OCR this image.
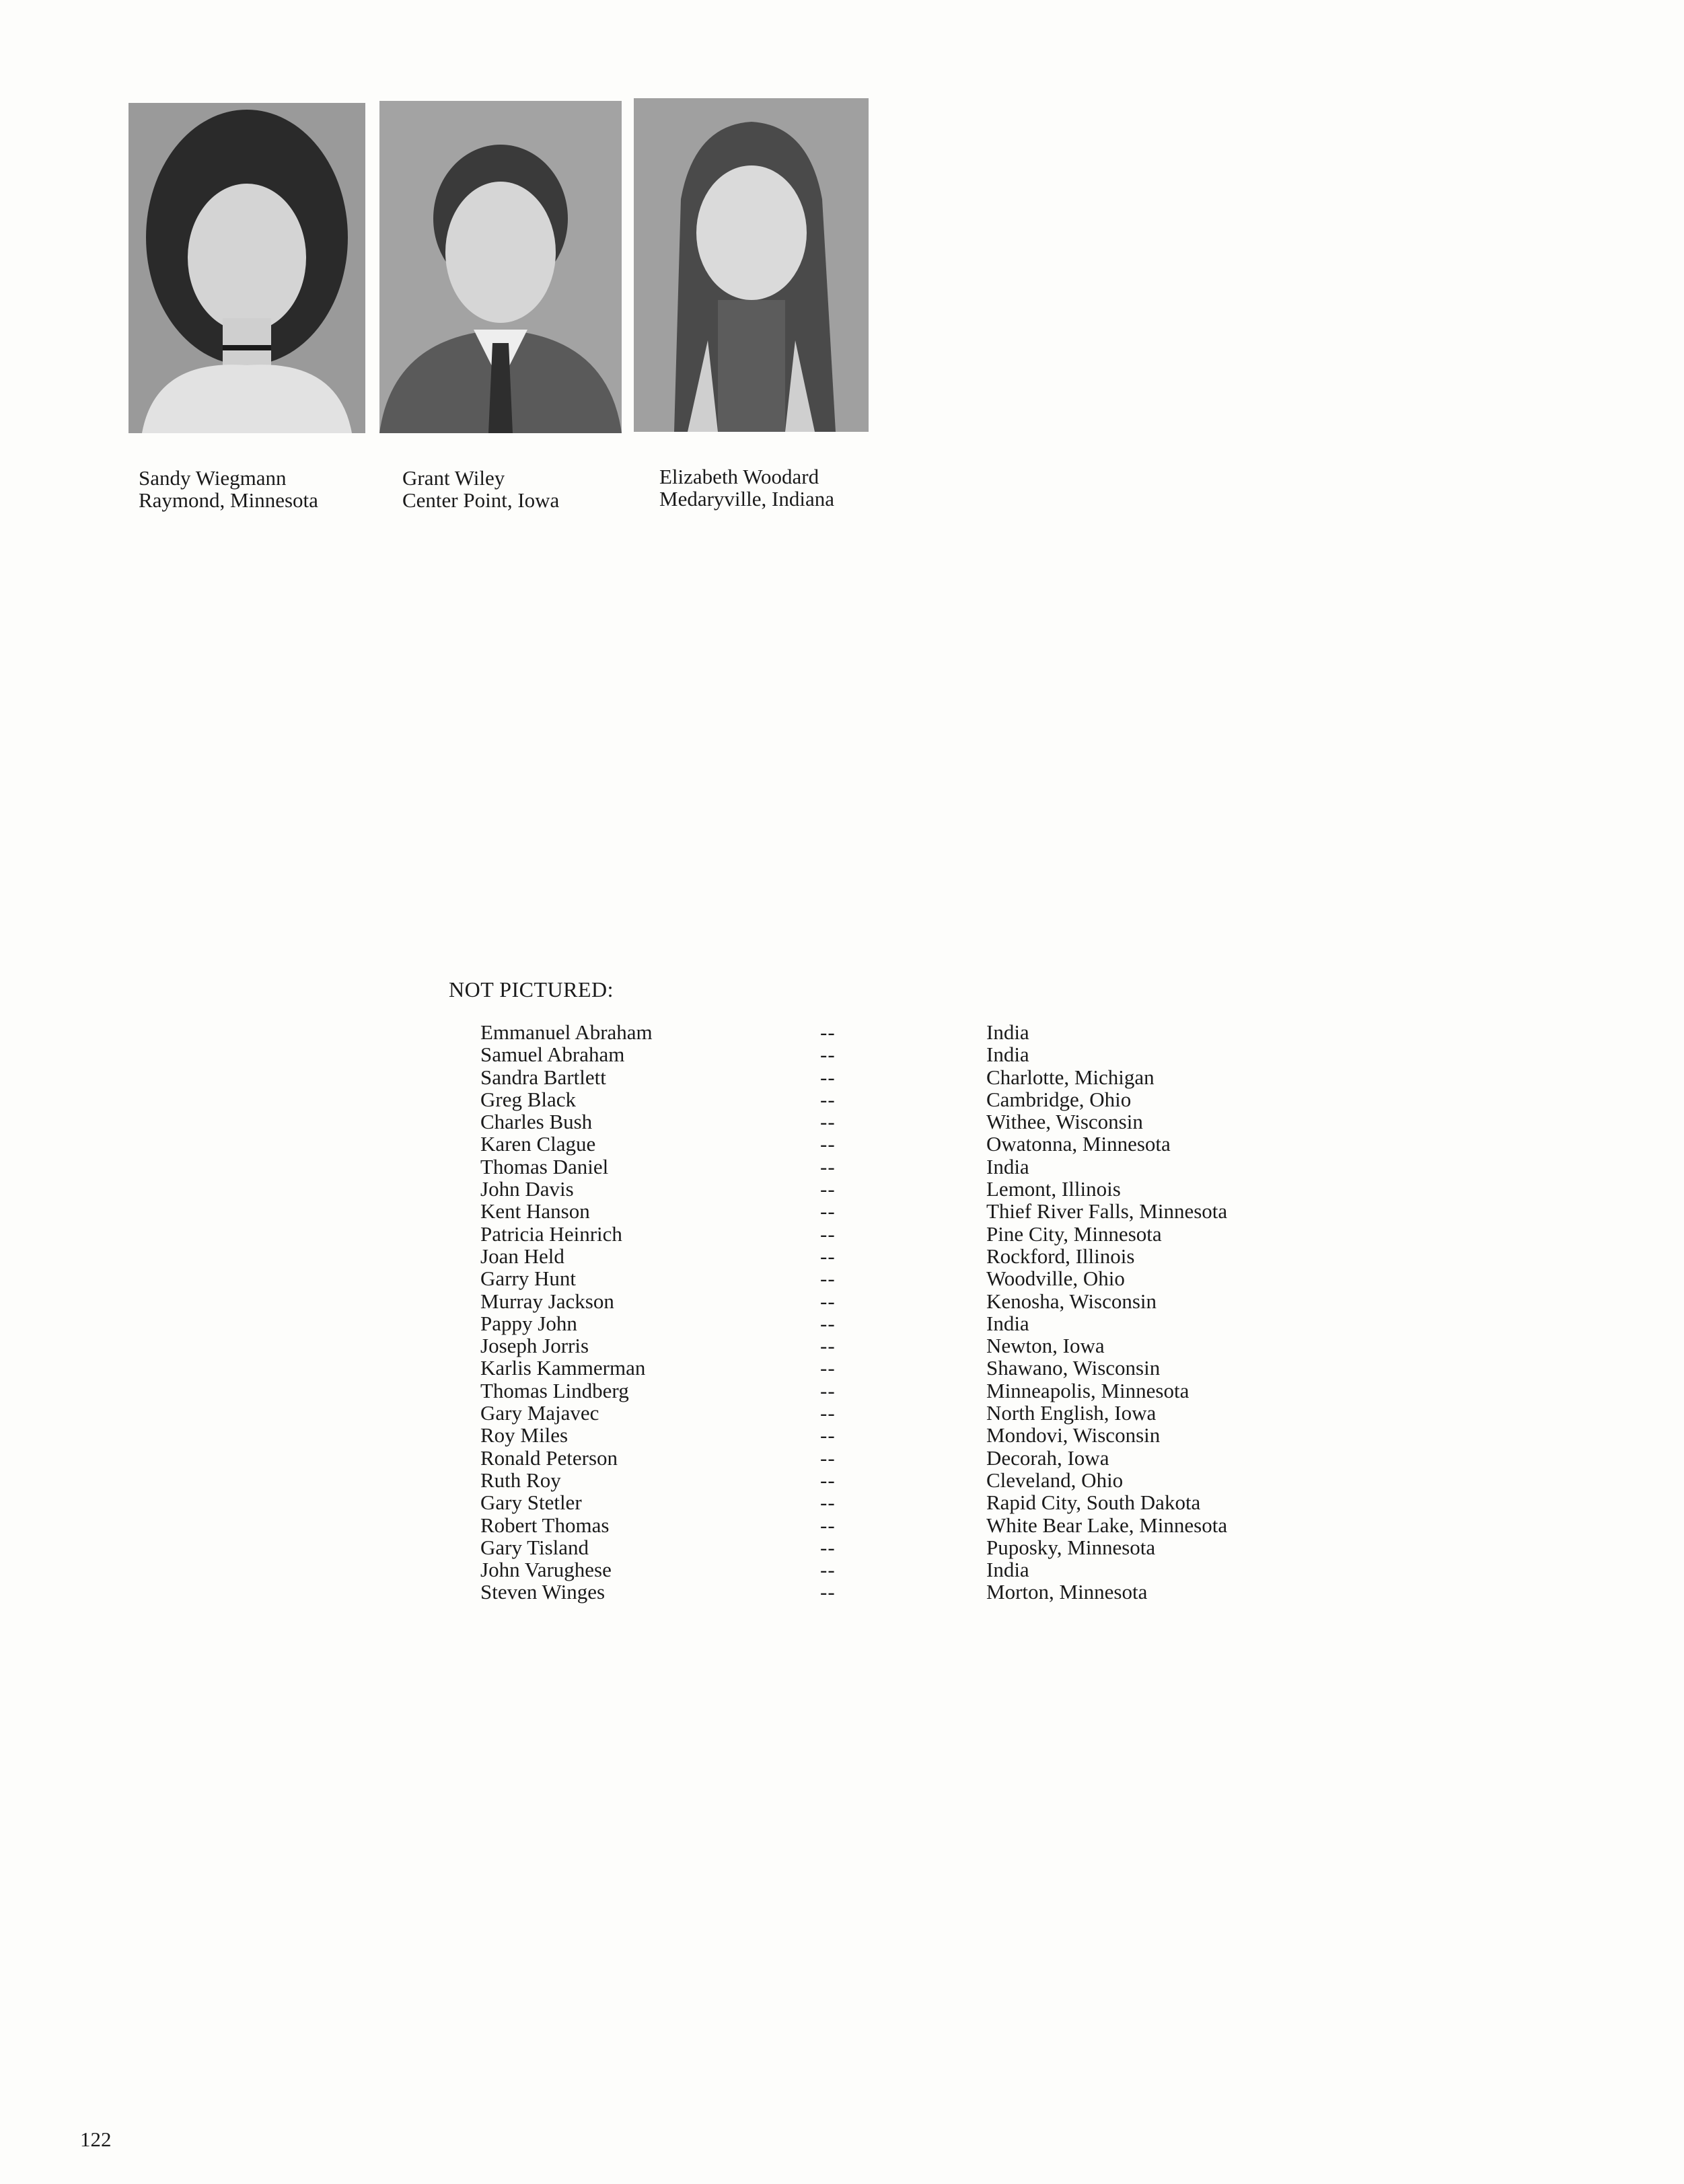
Sandy Wiegmann
Raymond, Minnesota
Grant Wiley
Center Point, Iowa
Elizabeth Woodard
Medaryville, Indiana
NOT PICTURED:
Emmanuel Abraham	--	India
Samuel Abraham	--	India
Sandra Bartlett	--	Charlotte, Michigan
Greg Black	--	Cambridge, Ohio
Charles Bush	--	Withee, Wisconsin
Karen Clague	--	Owatonna, Minnesota
Thomas Daniel	--	India
John Davis	--	Lemont, Illinois
Kent Hanson	--	Thief River Falls, Minnesota
Patricia Heinrich	--	Pine City, Minnesota
Joan Held	--	Rockford, Illinois
Garry Hunt	--	Woodville, Ohio
Murray Jackson	--	Kenosha, Wisconsin
Pappy John	--	India
Joseph Jorris	--	Newton, Iowa
Karlis Kammerman	--	Shawano, Wisconsin
Thomas Lindberg	--	Minneapolis, Minnesota
Gary Majavec	--	North English, Iowa
Roy Miles	--	Mondovi, Wisconsin
Ronald Peterson	--	Decorah, Iowa
Ruth Roy	--	Cleveland, Ohio
Gary Stetler	--	Rapid City, South Dakota
Robert Thomas	--	White Bear Lake, Minnesota
Gary Tisland	--	Puposky, Minnesota
John Varughese	--	India
Steven Winges	--	Morton, Minnesota
122
